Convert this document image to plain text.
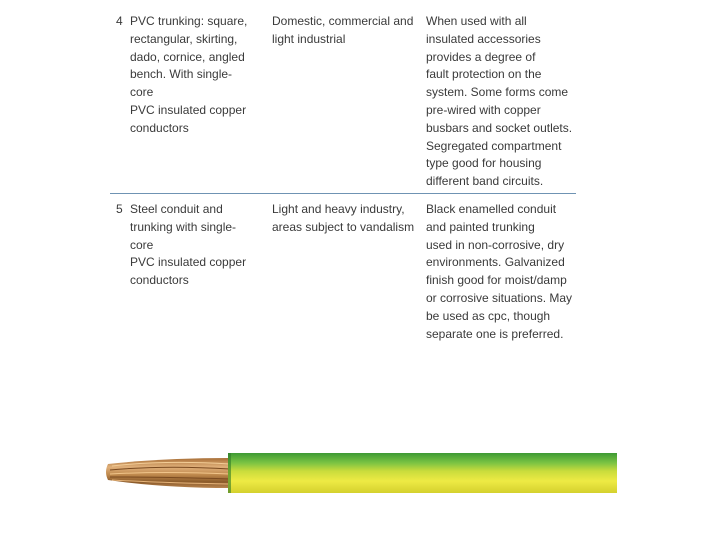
4 PVC trunking: square,
rectangular, skirting,
dado, cornice, angled
bench. With single-core
PVC insulated copper
conductors
Domestic, commercial and
light industrial
When used with all
insulated accessories
provides a degree of
fault protection on the
system. Some forms come
pre-wired with copper
busbars and socket outlets.
Segregated compartment
type good for housing
different band circuits.
5 Steel conduit and
trunking with single-core
PVC insulated copper
conductors
Light and heavy industry,
areas subject to vandalism
Black enamelled conduit
and painted trunking
used in non-corrosive, dry
environments. Galvanized
finish good for moist/damp
or corrosive situations. May
be used as cpc, though
separate one is preferred.
